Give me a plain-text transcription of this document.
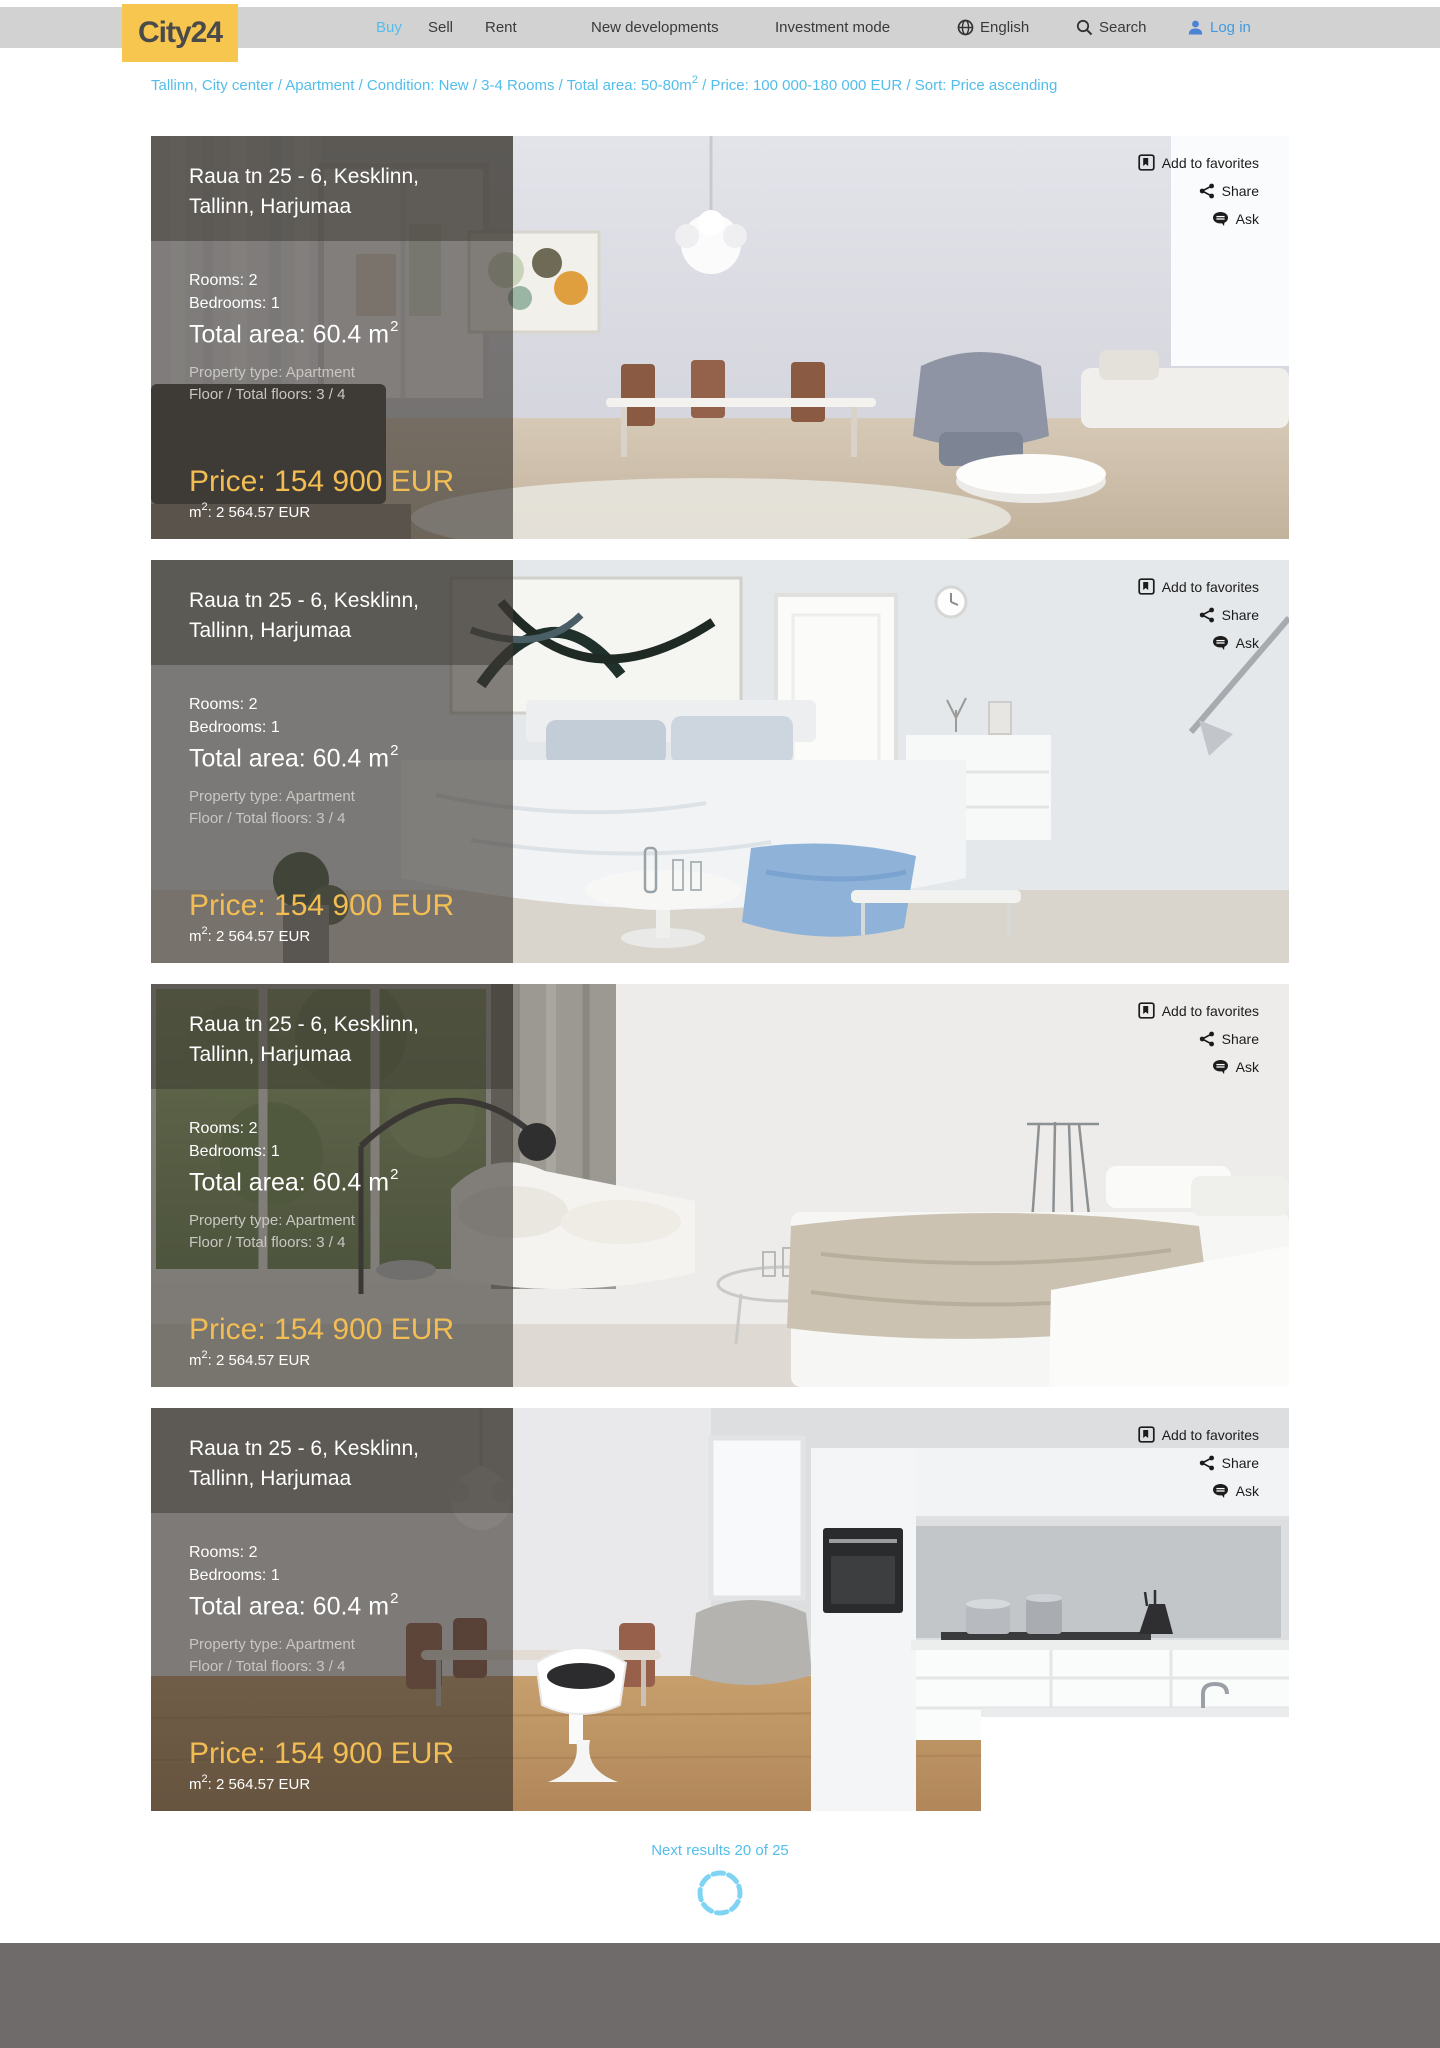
City24	Buy Sell Rent	New developments	Investment mode	English	Search	Log in
Tallinn, City center / Apartment / Condition: New / 3-4 Rooms / Total area: $50-80m^2$ / Price: 100 000-180 000 EUR / Sort: Price ascending
Raua tn 25 - 6, Kesklinn,
Tallinn, Harjumaa
Rooms: 2
Bedrooms: 1
Total area: 60.4 $m^2$
Property type: Apartment
Floor / Total floors: 3 / 4
Price: 154 900 EUR
$m^2$: 2 564.57 EUR
Add to favorites
Share
Ask
Raua tn 25 - 6, Kesklinn,
Tallinn, Harjumaa
Rooms: 2
Bedrooms: 1
Total area: 60.4 $m^2$
Property type: Apartment
Floor / Total floors: 3 / 4
Price: 154 900 EUR
$m^2$: 2 564.57 EUR
Add to favorites
Share
Ask
Raua tn 25 - 6, Kesklinn,
Tallinn, Harjumaa
Rooms: 2
Bedrooms: 1
Total area: 60.4 $m^2$
Property type: Apartment
Floor / Total floors: 3 / 4
Price: 154 900 EUR
$m^2$: 2 564.57 EUR
Add to favorites
Share
Ask
Raua tn 25 - 6, Kesklinn,
Tallinn, Harjumaa
Rooms: 2
Bedrooms: 1
Total area: 60.4 $m^2$
Property type: Apartment
Floor / Total floors: 3 / 4
Price: 154 900 EUR
$m^2$: 2 564.57 EUR
Add to favorites
Share
Ask
Next results 20 of 25
